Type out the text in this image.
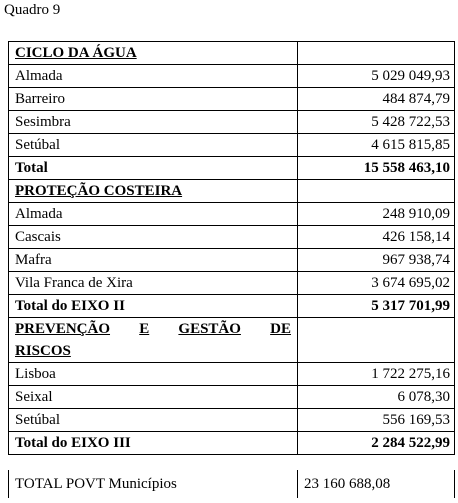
Quadro 9
CICLO DA ÁGUA	
Almada	5 029 049,93
Barreiro	484 874,79
Sesimbra	5 428 722,53
Setúbal	4 615 815,85
Total	15 558 463,10
PROTEÇÃO COSTEIRA	
Almada	248 910,09
Cascais	426 158,14
Mafra	967 938,74
Vila Franca de Xira	3 674 695,02
Total do EIXO II	5 317 701,99

PREVENÇÃO E GESTÃO DE
RISCOS	

Lisboa	1 722 275,16
Seixal	6 078,30
Setúbal	556 169,53
Total do EIXO III	2 284 522,99
TOTAL POVT Municípios	23 160 688,08
